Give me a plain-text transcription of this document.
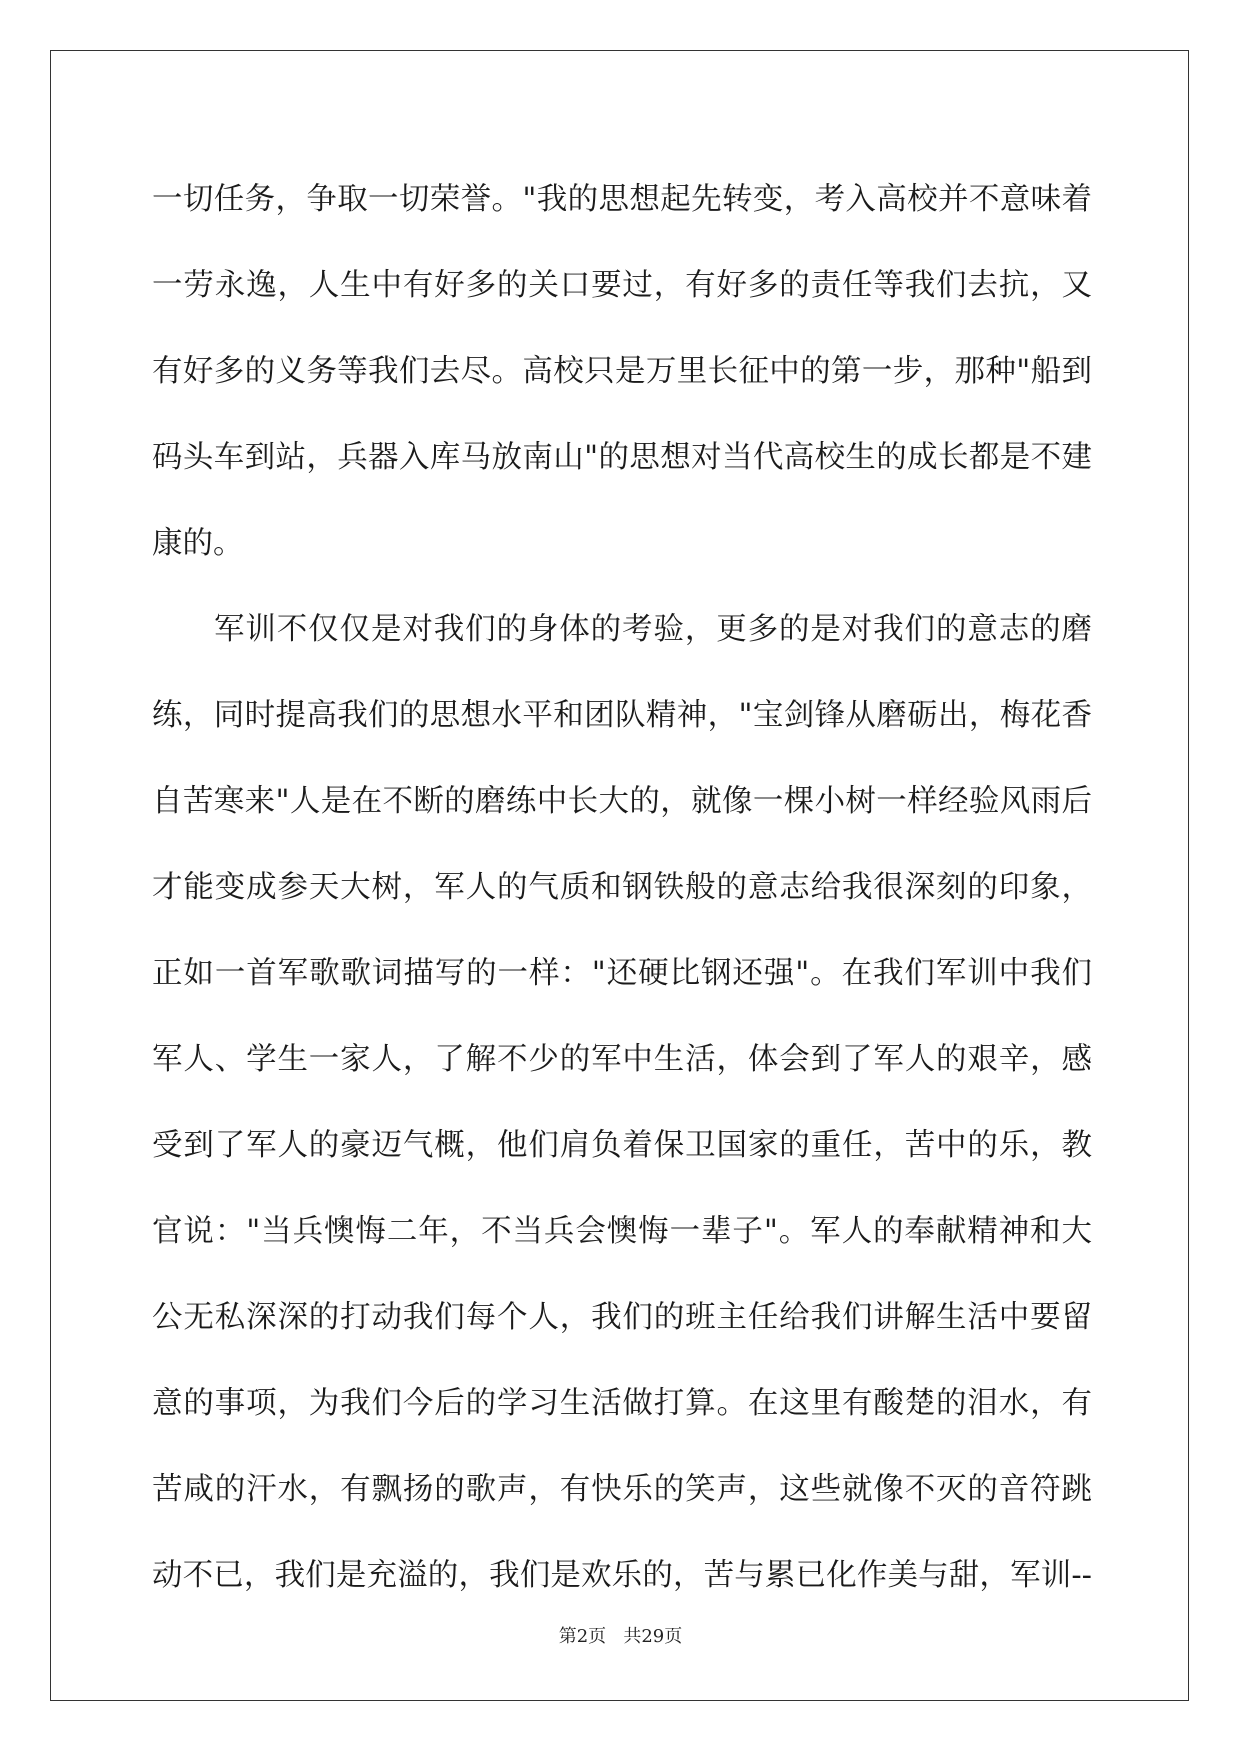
一切任务，争取一切荣誉。"我的思想起先转变，考入高校并不意味着
一劳永逸，人生中有好多的关口要过，有好多的责任等我们去抗，又
有好多的义务等我们去尽。高校只是万里长征中的第一步，那种"船到
码头车到站，兵器入库马放南山"的思想对当代高校生的成长都是不建
康的。
军训不仅仅是对我们的身体的考验，更多的是对我们的意志的磨
练，同时提高我们的思想水平和团队精神，"宝剑锋从磨砺出，梅花香
自苦寒来"人是在不断的磨练中长大的，就像一棵小树一样经验风雨后
才能变成参天大树，军人的气质和钢铁般的意志给我很深刻的印象，
正如一首军歌歌词描写的一样："还硬比钢还强"。在我们军训中我们
军人、学生一家人，了解不少的军中生活，体会到了军人的艰辛，感
受到了军人的豪迈气概，他们肩负着保卫国家的重任，苦中的乐，教
官说："当兵懊悔二年，不当兵会懊悔一辈子"。军人的奉献精神和大
公无私深深的打动我们每个人，我们的班主任给我们讲解生活中要留
意的事项，为我们今后的学习生活做打算。在这里有酸楚的泪水，有
苦咸的汗水，有飘扬的歌声，有快乐的笑声，这些就像不灭的音符跳
动不已，我们是充溢的，我们是欢乐的，苦与累已化作美与甜，军训--
第2页   共29页
